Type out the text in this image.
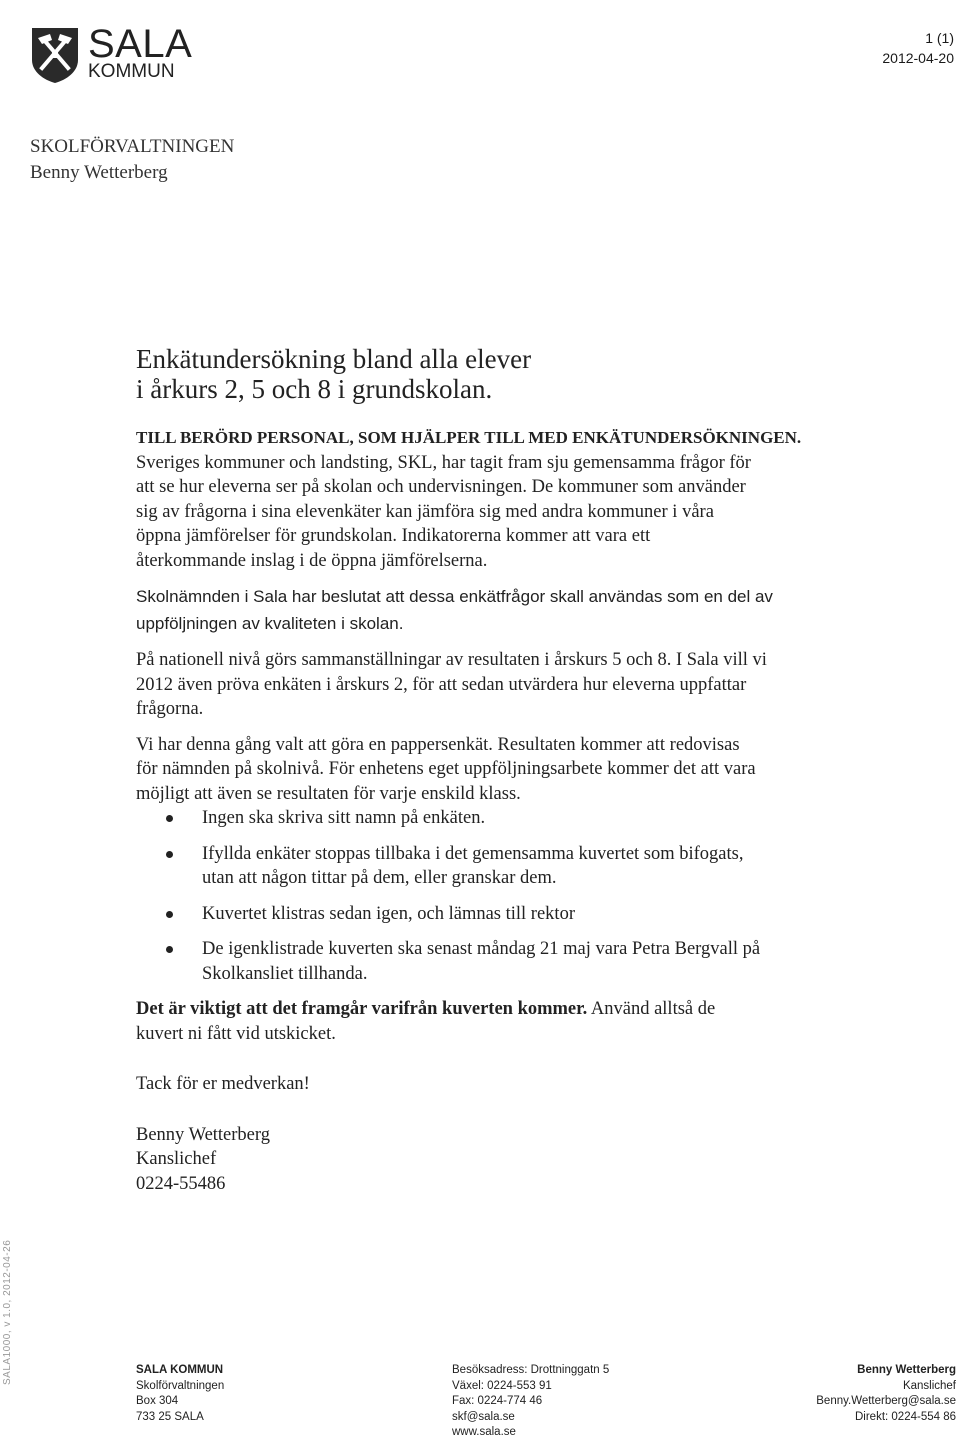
SALA
KOMMUN
1 (1)
2012-04-20
SKOLFÖRVALTNINGEN
Benny Wetterberg
Enkätundersökning bland alla elever
i årkurs 2, 5 och 8 i grundskolan.

TILL BERÖRD PERSONAL, SOM HJÄLPER TILL MED ENKÄTUNDERSÖKNINGEN.

Sveriges kommuner och landsting, SKL, har tagit fram sju gemensamma frågor för
att se hur eleverna ser på skolan och undervisningen. De kommuner som använder
sig av frågorna i sina elevenkäter kan jämföra sig med andra kommuner i våra
öppna jämförelser för grundskolan. Indikatorerna kommer att vara ett
återkommande inslag i de öppna jämförelserna.

Skolnämnden i Sala har beslutat att dessa enkätfrågor skall användas som en del av
uppföljningen av kvaliteten i skolan.

På nationell nivå görs sammanställningar av resultaten i årskurs 5 och 8. I Sala vill vi
2012 även pröva enkäten i årskurs 2, för att sedan utvärdera hur eleverna uppfattar
frågorna.

Vi har denna gång valt att göra en pappersenkät. Resultaten kommer att redovisas
för nämnden på skolnivå. För enhetens eget uppföljningsarbete kommer det att vara
möjligt att även se resultaten för varje enskild klass.

Ingen ska skriva sitt namn på enkäten.
Ifyllda enkäter stoppas tillbaka i det gemensamma kuvertet som bifogats,
utan att någon tittar på dem, eller granskar dem.
Kuvertet klistras sedan igen, och lämnas till rektor
De igenklistrade kuverten ska senast måndag 21 maj vara Petra Bergvall på
Skolkansliet tillhanda.

Det är viktigt att det framgår varifrån kuverten kommer. Använd alltså de
kuvert ni fått vid utskicket.

Tack för er medverkan!

Benny Wetterberg
Kanslichef
0224-55486

SALA1000, v 1.0, 2012-04-26	SALA KOMMUN
Skolförvaltningen
Box 304
733 25 SALA
Besöksadress: Drottninggatn 5
Växel: 0224-553 91
Fax: 0224-774 46
skf@sala.se
www.sala.se
Benny Wetterberg
Kanslichef
Benny.Wetterberg@sala.se
Direkt: 0224-554 86
